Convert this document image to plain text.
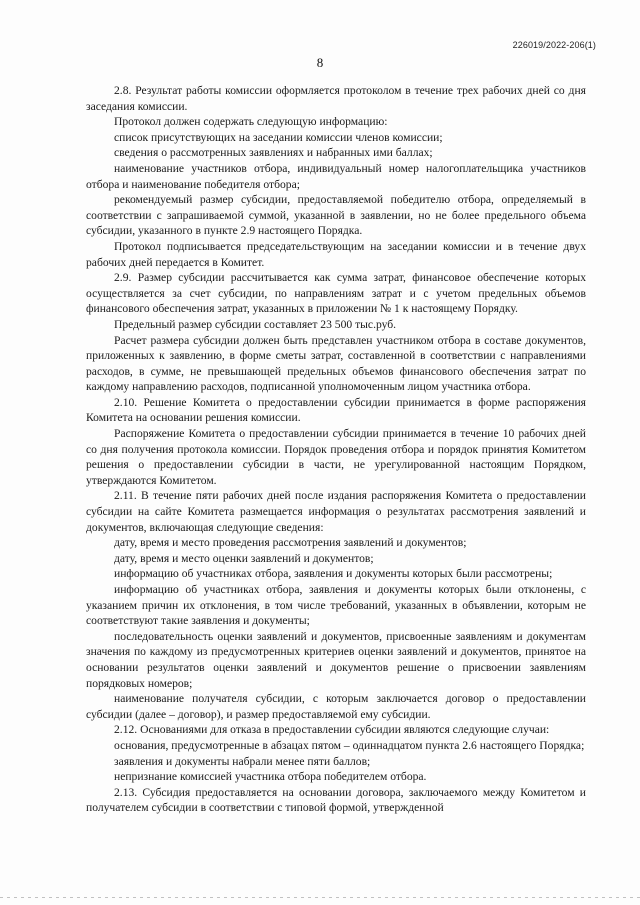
226019/2022-206(1)
8

2.8. Результат работы комиссии оформляется протоколом в течение трех рабочих дней со дня заседания комиссии.

Протокол должен содержать следующую информацию:

список присутствующих на заседании комиссии членов комиссии;

сведения о рассмотренных заявлениях и набранных ими баллах;

наименование участников отбора, индивидуальный номер налогоплательщика участников отбора и наименование победителя отбора;

рекомендуемый размер субсидии, предоставляемой победителю отбора, определяемый в соответствии с запрашиваемой суммой, указанной в заявлении, но не более предельного объема субсидии, указанного в пункте 2.9 настоящего Порядка.

Протокол подписывается председательствующим на заседании комиссии и в течение двух рабочих дней передается в Комитет.

2.9. Размер субсидии рассчитывается как сумма затрат, финансовое обеспечение которых осуществляется за счет субсидии, по направлениям затрат и с учетом предельных объемов финансового обеспечения затрат, указанных в приложении № 1 к настоящему Порядку.

Предельный размер субсидии составляет 23 500 тыс.руб.

Расчет размера субсидии должен быть представлен участником отбора в составе документов, приложенных к заявлению, в форме сметы затрат, составленной в соответствии с направлениями расходов, в сумме, не превышающей предельных объемов финансового обеспечения затрат по каждому направлению расходов, подписанной уполномоченным лицом участника отбора.

2.10. Решение Комитета о предоставлении субсидии принимается в форме распоряжения Комитета на основании решения комиссии.

Распоряжение Комитета о предоставлении субсидии принимается в течение 10 рабочих дней со дня получения протокола комиссии. Порядок проведения отбора и порядок принятия Комитетом решения о предоставлении субсидии в части, не урегулированной настоящим Порядком, утверждаются Комитетом.

2.11. В течение пяти рабочих дней после издания распоряжения Комитета о предоставлении субсидии на сайте Комитета размещается информация о результатах рассмотрения заявлений и документов, включающая следующие сведения:

дату, время и место проведения рассмотрения заявлений и документов;

дату, время и место оценки заявлений и документов;

информацию об участниках отбора, заявления и документы которых были рассмотрены;

информацию об участниках отбора, заявления и документы которых были отклонены, с указанием причин их отклонения, в том числе требований, указанных в объявлении, которым не соответствуют такие заявления и документы;

последовательность оценки заявлений и документов, присвоенные заявлениям и документам значения по каждому из предусмотренных критериев оценки заявлений и документов, принятое на основании результатов оценки заявлений и документов решение о присвоении заявлениям порядковых номеров;

наименование получателя субсидии, с которым заключается договор о предоставлении субсидии (далее – договор), и размер предоставляемой ему субсидии.

2.12. Основаниями для отказа в предоставлении субсидии являются следующие случаи:

основания, предусмотренные в абзацах пятом – одиннадцатом пункта 2.6 настоящего Порядка;

заявления и документы набрали менее пяти баллов;

непризнание комиссией участника отбора победителем отбора.

2.13. Субсидия предоставляется на основании договора, заключаемого между Комитетом и получателем субсидии в соответствии с типовой формой, утвержденной
